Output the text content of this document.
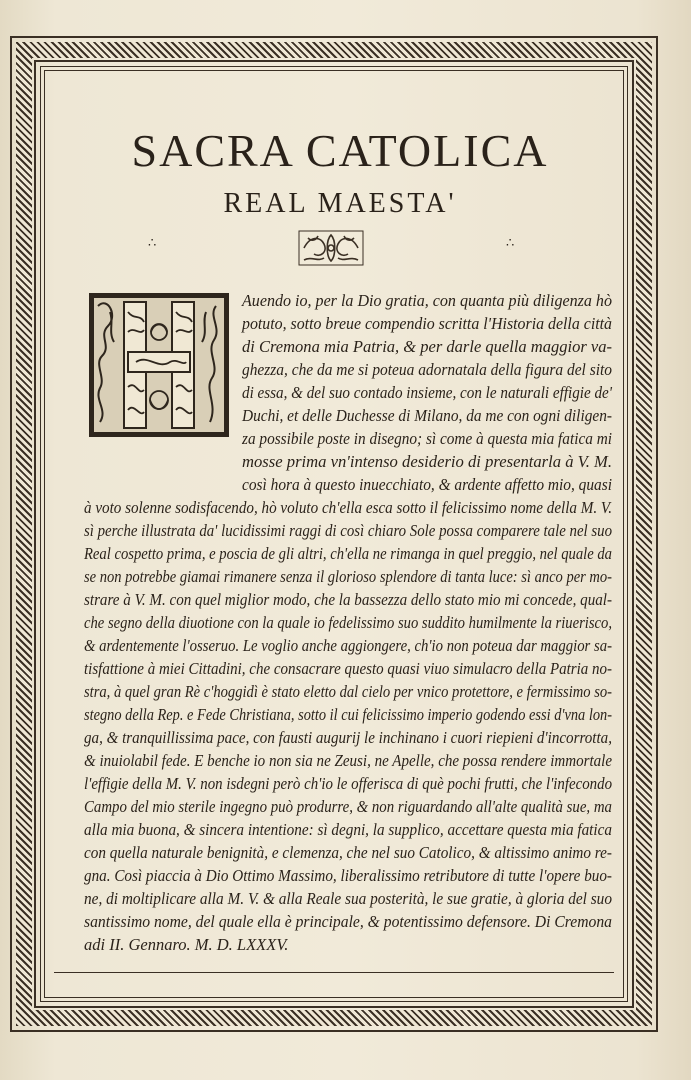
SACRA CATOLICA
REAL MAESTA'
∴	∴

Auendo io, per la Dio gratia, con quanta più diligenza hò

potuto, sotto breue compendio scritta l'Historia della città

di Cremona mia Patria, & per darle quella maggior va-

ghezza, che da me si poteua adornatala della figura del sito

di essa, & del suo contado insieme, con le naturali effigie de'

Duchi, et delle Duchesse di Milano, da me con ogni diligen-

za possibile poste in disegno; sì come à questa mia fatica mi

mosse prima vn'intenso desiderio di presentarla à V. M.

così hora à questo inuecchiato, & ardente affetto mio, quasi

à voto solenne sodisfacendo, hò voluto ch'ella esca sotto il felicissimo nome della M. V.

sì perche illustrata da' lucidissimi raggi di così chiaro Sole possa comparere tale nel suo

Real cospetto prima, e poscia de gli altri, ch'ella ne rimanga in quel preggio, nel quale da

se non potrebbe giamai rimanere senza il glorioso splendore di tanta luce: sì anco per mo-

strare à V. M. con quel miglior modo, che la bassezza dello stato mio mi concede, qual-

che segno della diuotione con la quale io fedelissimo suo suddito humilmente la riuerisco,

& ardentemente l'osseruo. Le voglio anche aggiongere, ch'io non poteua dar maggior sa-

tisfattione à miei Cittadini, che consacrare questo quasi viuo simulacro della Patria no-

stra, à quel gran Rè c'hoggidì è stato eletto dal cielo per vnico protettore, e fermissimo so-

stegno della Rep. e Fede Christiana, sotto il cui felicissimo imperio godendo essi d'vna lon-

ga, & tranquillissima pace, con fausti augurij le inchinano i cuori riepieni d'incorrotta,

& inuiolabil fede. E benche io non sia ne Zeusi, ne Apelle, che possa rendere immortale

l'effigie della M. V. non isdegni però ch'io le offerisca di què pochi frutti, che l'infecondo

Campo del mio sterile ingegno può produrre, & non riguardando all'alte qualità sue, ma

alla mia buona, & sincera intentione: sì degni, la supplico, accettare questa mia fatica

con quella naturale benignità, e clemenza, che nel suo Catolico, & altissimo animo re-

gna. Così piaccia à Dio Ottimo Massimo, liberalissimo retributore di tutte l'opere buo-

ne, di moltiplicare alla M. V. & alla Reale sua posterità, le sue gratie, à gloria del suo

santissimo nome, del quale ella è principale, & potentissimo defensore. Di Cremona

adi II. Gennaro. M. D. LXXXV.
